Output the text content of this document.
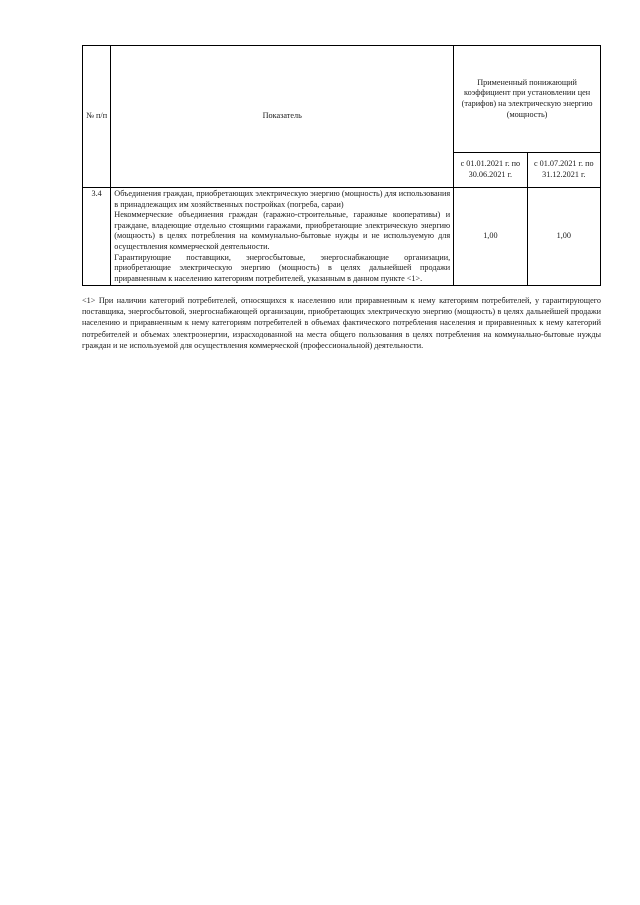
№ п/п	Показатель	Примененный понижающий коэффициент при установлении цен (тарифов) на электрическую энергию (мощность)	
		с 01.01.2021 г. по 30.06.2021 г.	с 01.07.2021 г. по 31.12.2021 г.
3.4	Объединения граждан, приобретающих электрическую энергию (мощность) для использования в принадлежащих им хозяйственных постройках (погреба, сараи)

Некоммерческие объединения граждан (гаражно-строительные, гаражные кооперативы) и граждане, владеющие отдельно стоящими гаражами, приобретающие электрическую энергию (мощность) в целях потребления на коммунально-бытовые нужды и не используемую для осуществления коммерческой деятельности.

Гарантирующие поставщики, энергосбытовые, энергоснабжающие организации, приобретающие электрическую энергию (мощность) в целях дальнейшей продажи приравненным к населению категориям потребителей, указанным в данном пункте <1>.	1,00	1,00

<1> При наличии категорий потребителей, относящихся к населению или приравненным к нему категориям потребителей, у гарантирующего поставщика, энергосбытовой, энергоснабжающей организации, приобретающих электрическую энергию (мощность) в целях дальнейшей продажи населению и приравненным к нему категориям потребителей в объемах фактического потребления населения и приравненных к нему категорий потребителей и объемах электроэнергии, израсходованной на места общего пользования в целях потребления на коммунально-бытовые нужды граждан и не используемой для осуществления коммерческой (профессиональной) деятельности.
